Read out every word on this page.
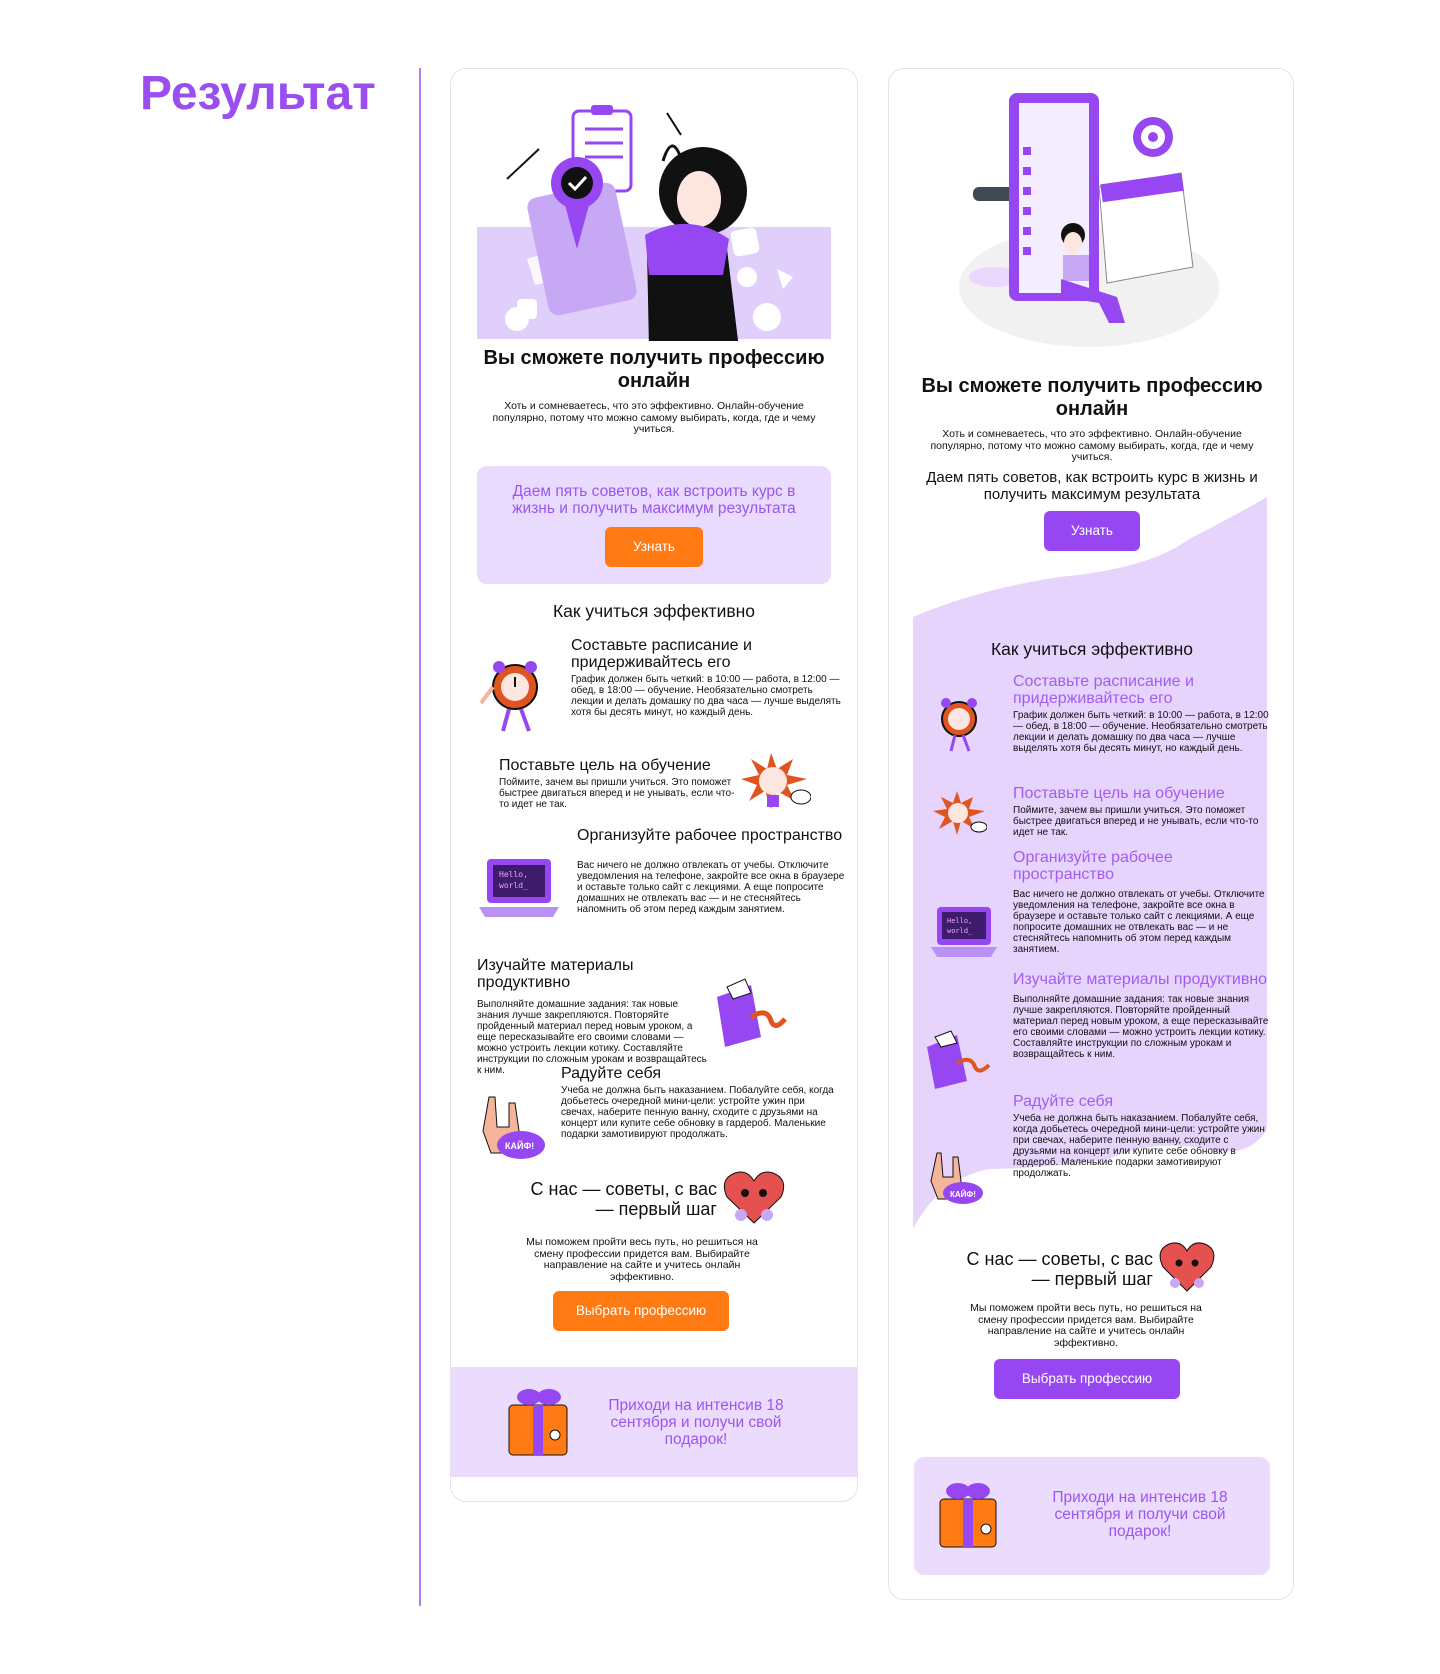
Результат
Вы сможете получить профессию онлайн
Хоть и сомневаетесь, что это эффективно. Онлайн-обучение популярно, потому что можно самому выбирать, когда, где и чему учиться.
Даем пять советов, как встроить курс в жизнь и получить максимум результата
Узнать
Как учиться эффективно
Составьте расписание и придерживайтесь его
График должен быть четкий: в 10:00 — работа, в 12:00 — обед, в 18:00 — обучение. Необязательно смотреть лекции и делать домашку по два часа — лучше выделять хотя бы десять минут, но каждый день.
Поставьте цель на обучение
Поймите, зачем вы пришли учиться. Это поможет быстрее двигаться вперед и не унывать, если что-то идет не так.
Hello,
world_
Организуйте рабочее пространство
Вас ничего не должно отвлекать от учебы. Отключите уведомления на телефоне, закройте все окна в браузере и оставьте только сайт с лекциями. А еще попросите домашних не отвлекать вас — и не стесняйтесь напомнить об этом перед каждым занятием.
Изучайте материалы продуктивно
Выполняйте домашние задания: так новые знания лучше закрепляются. Повторяйте пройденный материал перед новым уроком, а еще пересказывайте его своими словами — можно устроить лекции котику. Составляйте инструкции по сложным урокам и возвращайтесь к ним.
КАЙФ!
Радуйте себя
Учеба не должна быть наказанием. Побалуйте себя, когда добьетесь очередной мини-цели: устройте ужин при свечах, наберите пенную ванну, сходите с друзьями на концерт или купите себе обновку в гардероб. Маленькие подарки замотивируют продолжать.
С нас — советы, с вас — первый шаг
Мы поможем пройти весь путь, но решиться на смену профессии придется вам. Выбирайте направление на сайте и учитесь онлайн эффективно.
Выбрать профессию
Приходи на интенсив 18 сентября и получи свой подарок!
Вы сможете получить профессию онлайн
Хоть и сомневаетесь, что это эффективно. Онлайн-обучение популярно, потому что можно самому выбирать, когда, где и чему учиться.
Даем пять советов, как встроить курс в жизнь и получить максимум результата
Узнать
Как учиться эффективно
Составьте расписание и придерживайтесь его
График должен быть четкий: в 10:00 — работа, в 12:00 — обед, в 18:00 — обучение. Необязательно смотреть лекции и делать домашку по два часа — лучше выделять хотя бы десять минут, но каждый день.
Поставьте цель на обучение
Поймите, зачем вы пришли учиться. Это поможет быстрее двигаться вперед и не унывать, если что-то идет не так.
Hello,
world_
Организуйте рабочее пространство
Вас ничего не должно отвлекать от учебы. Отключите уведомления на телефоне, закройте все окна в браузере и оставьте только сайт с лекциями. А еще попросите домашних не отвлекать вас — и не стесняйтесь напомнить об этом перед каждым занятием.
Изучайте материалы продуктивно
Выполняйте домашние задания: так новые знания лучше закрепляются. Повторяйте пройденный материал перед новым уроком, а еще пересказывайте его своими словами — можно устроить лекции котику. Составляйте инструкции по сложным урокам и возвращайтесь к ним.
КАЙФ!
Радуйте себя
Учеба не должна быть наказанием. Побалуйте себя, когда добьетесь очередной мини-цели: устройте ужин при свечах, наберите пенную ванну, сходите с друзьями на концерт или купите себе обновку в гардероб. Маленькие подарки замотивируют продолжать.
С нас — советы, с вас — первый шаг
Мы поможем пройти весь путь, но решиться на смену профессии придется вам. Выбирайте направление на сайте и учитесь онлайн эффективно.
Выбрать профессию
Приходи на интенсив 18 сентября и получи свой подарок!
